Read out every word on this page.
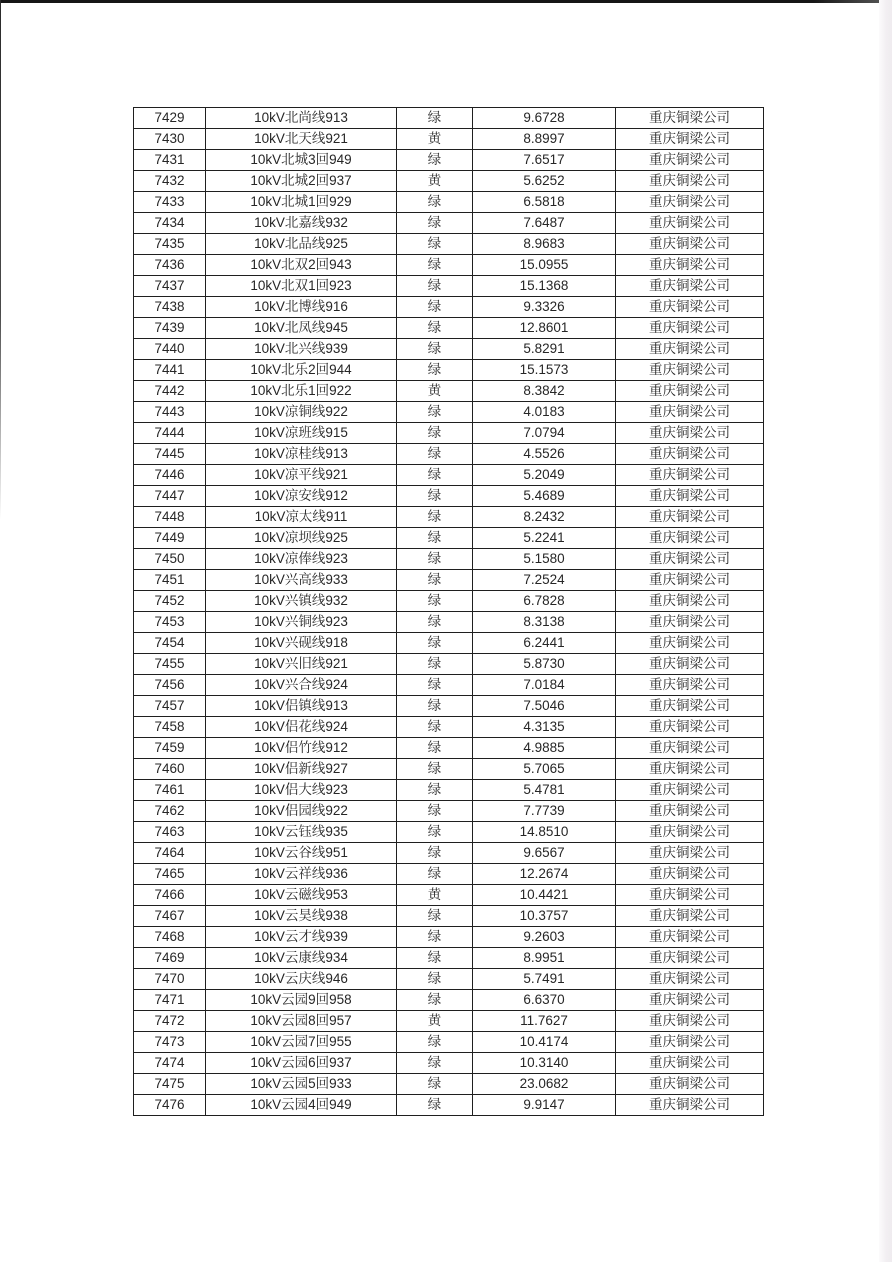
7429	10kV北尚线913	绿	9.6728	重庆铜梁公司
7430	10kV北天线921	黄	8.8997	重庆铜梁公司
7431	10kV北城3回949	绿	7.6517	重庆铜梁公司
7432	10kV北城2回937	黄	5.6252	重庆铜梁公司
7433	10kV北城1回929	绿	6.5818	重庆铜梁公司
7434	10kV北嘉线932	绿	7.6487	重庆铜梁公司
7435	10kV北品线925	绿	8.9683	重庆铜梁公司
7436	10kV北双2回943	绿	15.0955	重庆铜梁公司
7437	10kV北双1回923	绿	15.1368	重庆铜梁公司
7438	10kV北博线916	绿	9.3326	重庆铜梁公司
7439	10kV北凤线945	绿	12.8601	重庆铜梁公司
7440	10kV北兴线939	绿	5.8291	重庆铜梁公司
7441	10kV北乐2回944	绿	15.1573	重庆铜梁公司
7442	10kV北乐1回922	黄	8.3842	重庆铜梁公司
7443	10kV凉铜线922	绿	4.0183	重庆铜梁公司
7444	10kV凉班线915	绿	7.0794	重庆铜梁公司
7445	10kV凉桂线913	绿	4.5526	重庆铜梁公司
7446	10kV凉平线921	绿	5.2049	重庆铜梁公司
7447	10kV凉安线912	绿	5.4689	重庆铜梁公司
7448	10kV凉太线911	绿	8.2432	重庆铜梁公司
7449	10kV凉坝线925	绿	5.2241	重庆铜梁公司
7450	10kV凉俸线923	绿	5.1580	重庆铜梁公司
7451	10kV兴高线933	绿	7.2524	重庆铜梁公司
7452	10kV兴镇线932	绿	6.7828	重庆铜梁公司
7453	10kV兴铜线923	绿	8.3138	重庆铜梁公司
7454	10kV兴砚线918	绿	6.2441	重庆铜梁公司
7455	10kV兴旧线921	绿	5.8730	重庆铜梁公司
7456	10kV兴合线924	绿	7.0184	重庆铜梁公司
7457	10kV侣镇线913	绿	7.5046	重庆铜梁公司
7458	10kV侣花线924	绿	4.3135	重庆铜梁公司
7459	10kV侣竹线912	绿	4.9885	重庆铜梁公司
7460	10kV侣新线927	绿	5.7065	重庆铜梁公司
7461	10kV侣大线923	绿	5.4781	重庆铜梁公司
7462	10kV侣园线922	绿	7.7739	重庆铜梁公司
7463	10kV云钰线935	绿	14.8510	重庆铜梁公司
7464	10kV云谷线951	绿	9.6567	重庆铜梁公司
7465	10kV云祥线936	绿	12.2674	重庆铜梁公司
7466	10kV云磁线953	黄	10.4421	重庆铜梁公司
7467	10kV云昊线938	绿	10.3757	重庆铜梁公司
7468	10kV云才线939	绿	9.2603	重庆铜梁公司
7469	10kV云康线934	绿	8.9951	重庆铜梁公司
7470	10kV云庆线946	绿	5.7491	重庆铜梁公司
7471	10kV云园9回958	绿	6.6370	重庆铜梁公司
7472	10kV云园8回957	黄	11.7627	重庆铜梁公司
7473	10kV云园7回955	绿	10.4174	重庆铜梁公司
7474	10kV云园6回937	绿	10.3140	重庆铜梁公司
7475	10kV云园5回933	绿	23.0682	重庆铜梁公司
7476	10kV云园4回949	绿	9.9147	重庆铜梁公司
